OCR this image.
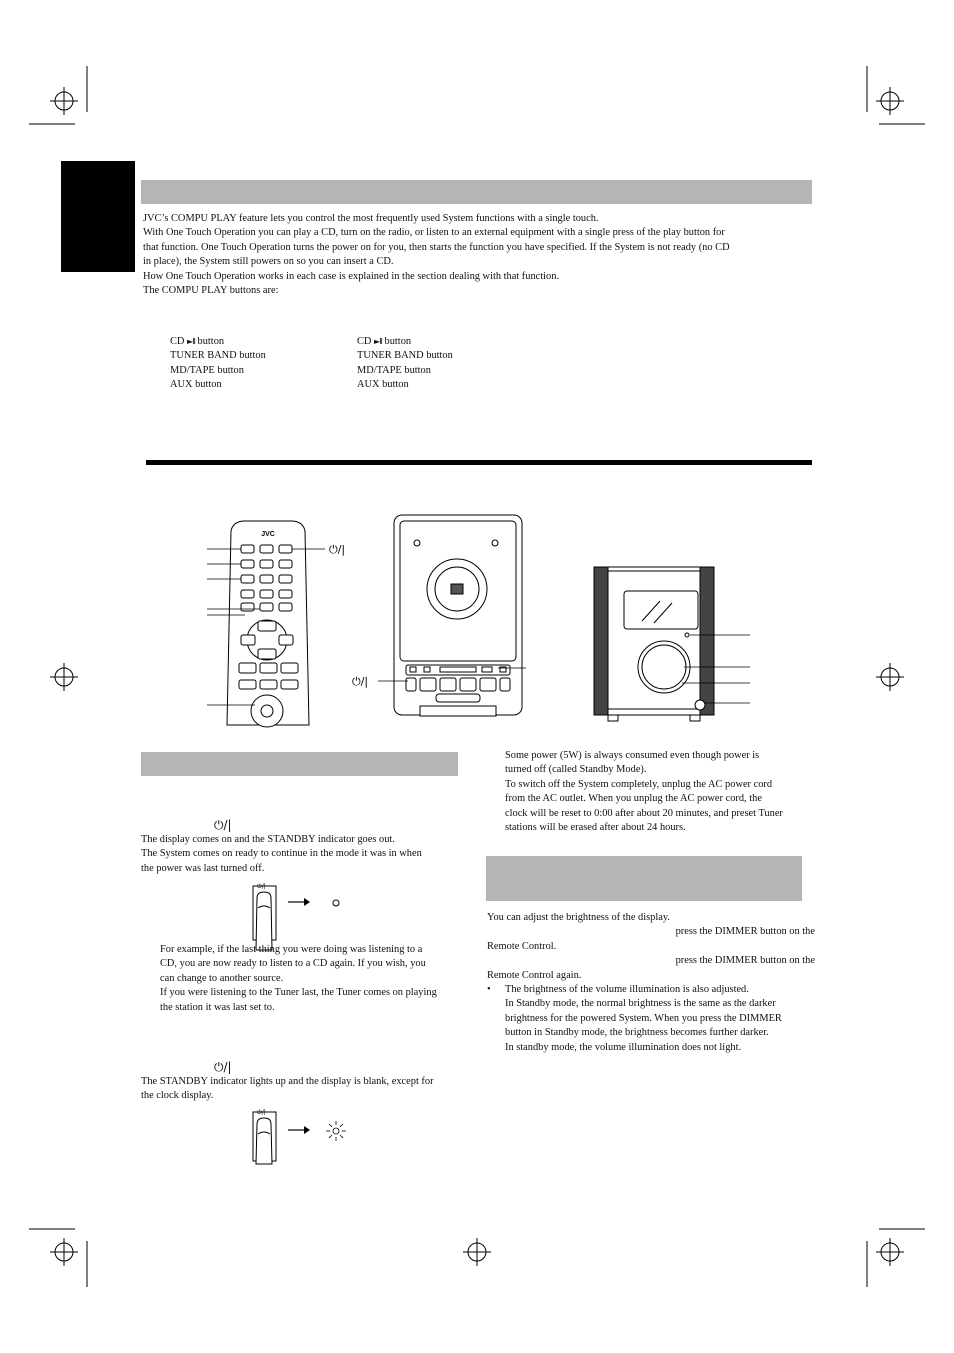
JVC’s COMPU PLAY feature lets you control the most frequently used System functions with a single touch.
With One Touch Operation you can play a CD, turn on the radio, or listen to an external equipment with a single press of the play button for
that function. One Touch Operation turns the power on for you, then starts the function you have specified. If the System is not ready (no CD
in place), the System still powers on so you can insert a CD.
How One Touch Operation works in each case is explained in the section dealing with that function.
The COMPU PLAY buttons are:
CD ►II button
TUNER BAND button
MD/TAPE button
AUX button
CD ►II button
TUNER BAND button
MD/TAPE button
AUX button
JVC
⏻/|
⏻/|
⏻/|
The display comes on and the STANDBY indicator goes out.
The System comes on ready to continue in the mode it was in when
the power was last turned off.
⏻/|
For example, if the last thing you were doing was listening to a
CD, you are now ready to listen to a CD again. If you wish, you
can change to another source.
If you were listening to the Tuner last, the Tuner comes on playing
the station it was last set to.
⏻/|
The STANDBY indicator lights up and the display is blank, except for
the clock display.
⏻/|
Some power (5W) is always consumed even though power is
turned off (called Standby Mode).
To switch off the System completely, unplug the AC power cord
from the AC outlet. When you unplug the AC power cord, the
clock will be reset to 0:00 after about 20 minutes, and preset Tuner
stations will be erased after about 24 hours.
You can adjust the brightness of the display.
press the DIMMER button on the
Remote Control.
press the DIMMER button on the
Remote Control again.
• The brightness of the volume illumination is also adjusted.
In Standby mode, the normal brightness is the same as the darker
brightness for the powered System. When you press the DIMMER
button in Standby mode, the brightness becomes further darker.
In standby mode, the volume illumination does not light.
